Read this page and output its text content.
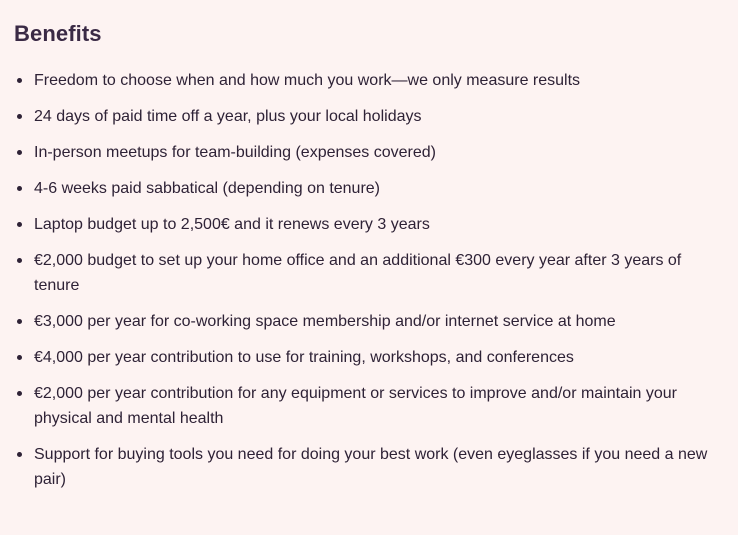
Benefits
Freedom to choose when and how much you work—we only measure results
24 days of paid time off a year, plus your local holidays
In-person meetups for team-building (expenses covered)
4-6 weeks paid sabbatical (depending on tenure)
Laptop budget up to 2,500€ and it renews every 3 years
€2,000 budget to set up your home office and an additional €300 every year after 3 years of tenure
€3,000 per year for co-working space membership and/or internet service at home
€4,000 per year contribution to use for training, workshops, and conferences
€2,000 per year contribution for any equipment or services to improve and/or maintain your physical and mental health
Support for buying tools you need for doing your best work (even eyeglasses if you need a new pair)
